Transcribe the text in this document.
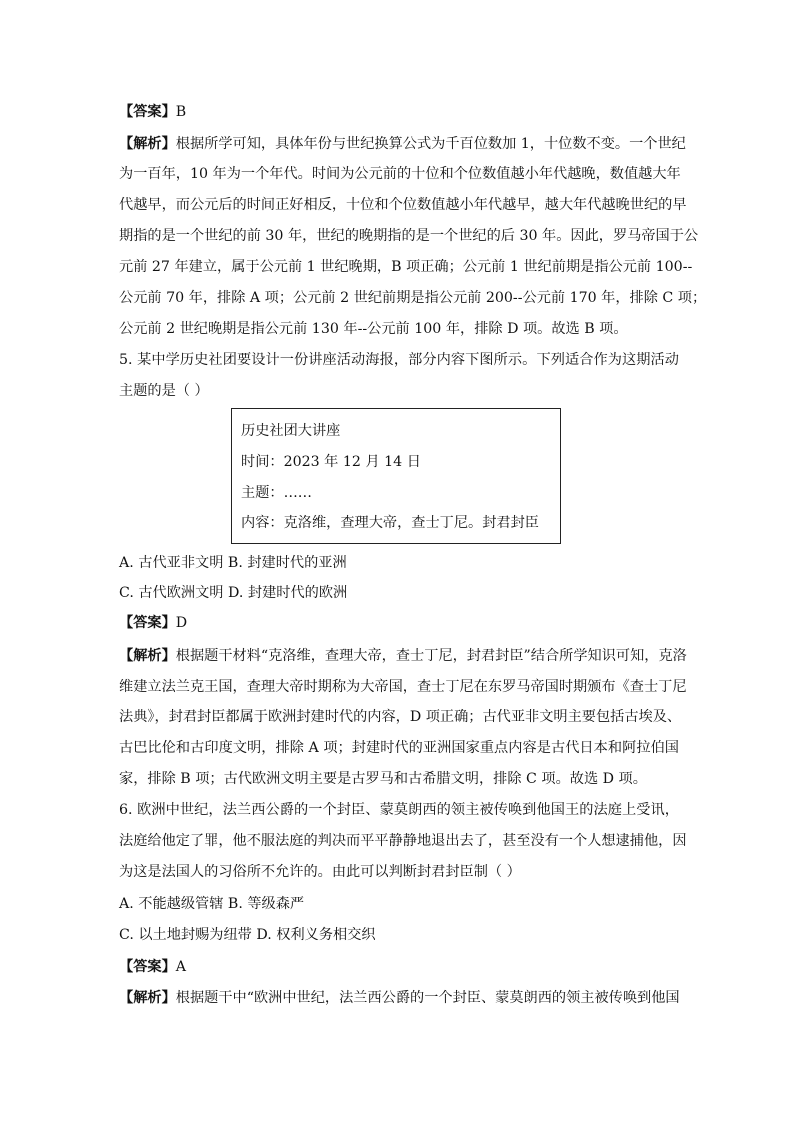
【答案】B
【解析】根据所学可知，具体年份与世纪换算公式为千百位数加 1，十位数不变。一个世纪
为一百年，10 年为一个年代。时间为公元前的十位和个位数值越小年代越晚，数值越大年
代越早，而公元后的时间正好相反，十位和个位数值越小年代越早，越大年代越晚世纪的早
期指的是一个世纪的前 30 年，世纪的晚期指的是一个世纪的后 30 年。因此，罗马帝国于公
元前 27 年建立，属于公元前 1 世纪晚期，B 项正确；公元前 1 世纪前期是指公元前 100--
公元前 70 年，排除 A 项；公元前 2 世纪前期是指公元前 200--公元前 170 年，排除 C 项；
公元前 2 世纪晚期是指公元前 130 年--公元前 100 年，排除 D 项。故选 B 项。
5. 某中学历史社团要设计一份讲座活动海报，部分内容下图所示。下列适合作为这期活动
主题的是（ ）
历史社团大讲座
时间：2023 年 12 月 14 日
主题：……
内容：克洛维，查理大帝，查士丁尼。封君封臣
A. 古代亚非文明 B. 封建时代的亚洲
C. 古代欧洲文明 D. 封建时代的欧洲
【答案】D
【解析】根据题干材料“克洛维，查理大帝，查士丁尼，封君封臣”结合所学知识可知，克洛
维建立法兰克王国，查理大帝时期称为大帝国，查士丁尼在东罗马帝国时期颁布《查士丁尼
法典》，封君封臣都属于欧洲封建时代的内容，D 项正确；古代亚非文明主要包括古埃及、
古巴比伦和古印度文明，排除 A 项；封建时代的亚洲国家重点内容是古代日本和阿拉伯国
家，排除 B 项；古代欧洲文明主要是古罗马和古希腊文明，排除 C 项。故选 D 项。
6. 欧洲中世纪，法兰西公爵的一个封臣、蒙莫朗西的领主被传唤到他国王的法庭上受讯，
法庭给他定了罪，他不服法庭的判决而平平静静地退出去了，甚至没有一个人想逮捕他，因
为这是法国人的习俗所不允许的。由此可以判断封君封臣制（ ）
A. 不能越级管辖 B. 等级森严
C. 以土地封赐为纽带 D. 权利义务相交织
【答案】A
【解析】根据题干中“欧洲中世纪，法兰西公爵的一个封臣、蒙莫朗西的领主被传唤到他国
